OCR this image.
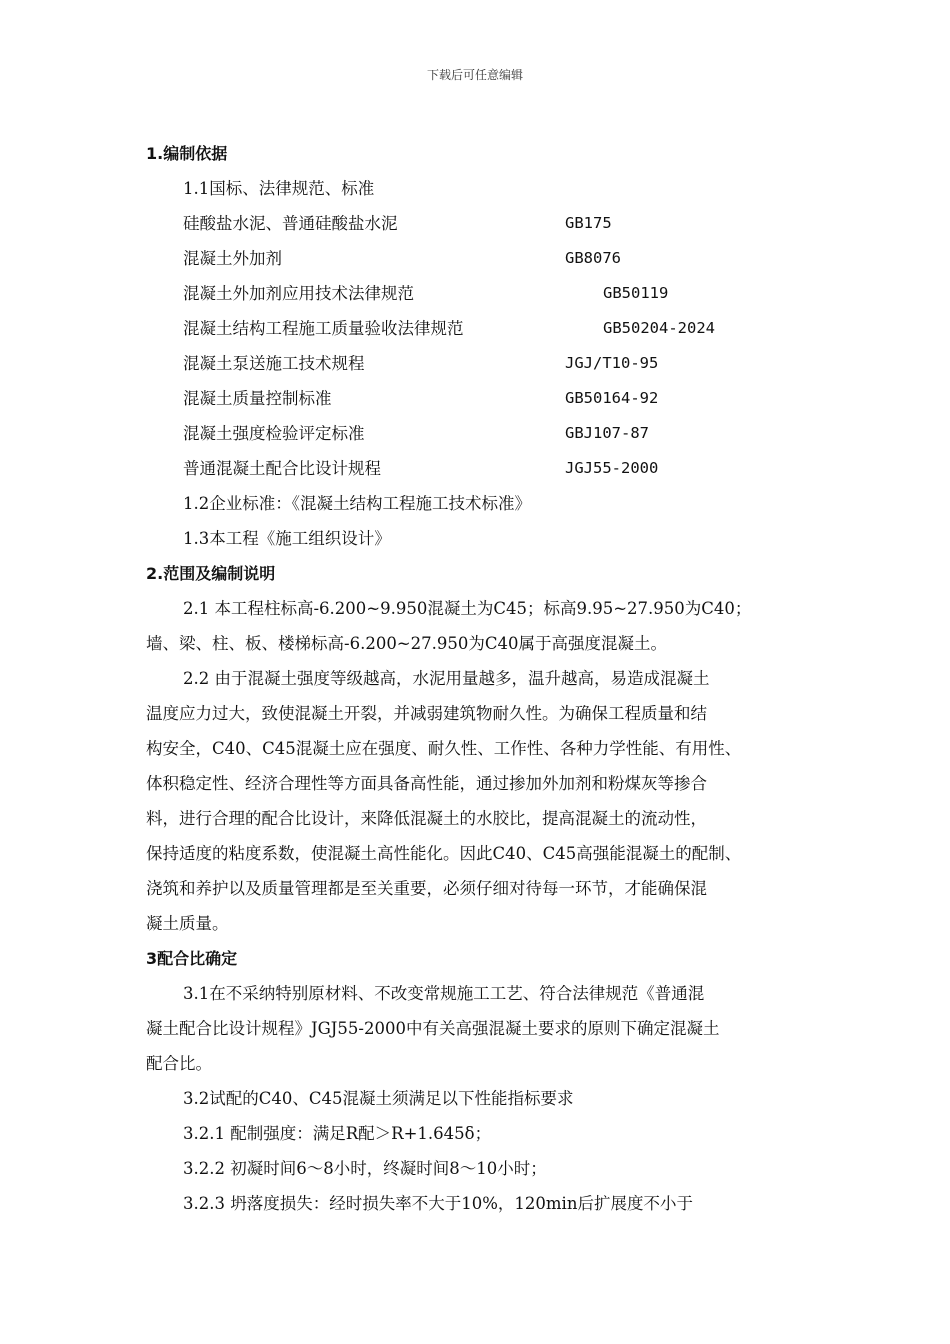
下载后可任意编辑
1.编制依据
1.1国标、法律规范、标准
硅酸盐水泥、普通硅酸盐水泥	GB175
混凝土外加剂	GB8076
混凝土外加剂应用技术法律规范	GB50119
混凝土结构工程施工质量验收法律规范	GB50204-2024
混凝土泵送施工技术规程	JGJ/T10-95
混凝土质量控制标准	GB50164-92
混凝土强度检验评定标准	GBJ107-87
普通混凝土配合比设计规程	JGJ55-2000
1.2企业标准：《混凝土结构工程施工技术标准》
1.3本工程《施工组织设计》
2.范围及编制说明
2.1 本工程柱标高-6.200~9.950混凝土为C45；标高9.95~27.950为C40；
墙、梁、柱、板、楼梯标高-6.200~27.950为C40属于高强度混凝土。
2.2 由于混凝土强度等级越高，水泥用量越多，温升越高，易造成混凝土
温度应力过大，致使混凝土开裂，并减弱建筑物耐久性。为确保工程质量和结
构安全，C40、C45混凝土应在强度、耐久性、工作性、各种力学性能、有用性、
体积稳定性、经济合理性等方面具备高性能，通过掺加外加剂和粉煤灰等掺合
料，进行合理的配合比设计，来降低混凝土的水胶比，提高混凝土的流动性，
保持适度的粘度系数，使混凝土高性能化。因此C40、C45高强能混凝土的配制、
浇筑和养护以及质量管理都是至关重要，必须仔细对待每一环节，才能确保混
凝土质量。
3配合比确定
3.1在不采纳特别原材料、不改变常规施工工艺、符合法律规范《普通混
凝土配合比设计规程》JGJ55-2000中有关高强混凝土要求的原则下确定混凝土
配合比。
3.2试配的C40、C45混凝土须满足以下性能指标要求
3.2.1 配制强度：满足R配＞R+1.645δ；
3.2.2 初凝时间6～8小时，终凝时间8～10小时；
3.2.3 坍落度损失：经时损失率不大于10%，120min后扩展度不小于
